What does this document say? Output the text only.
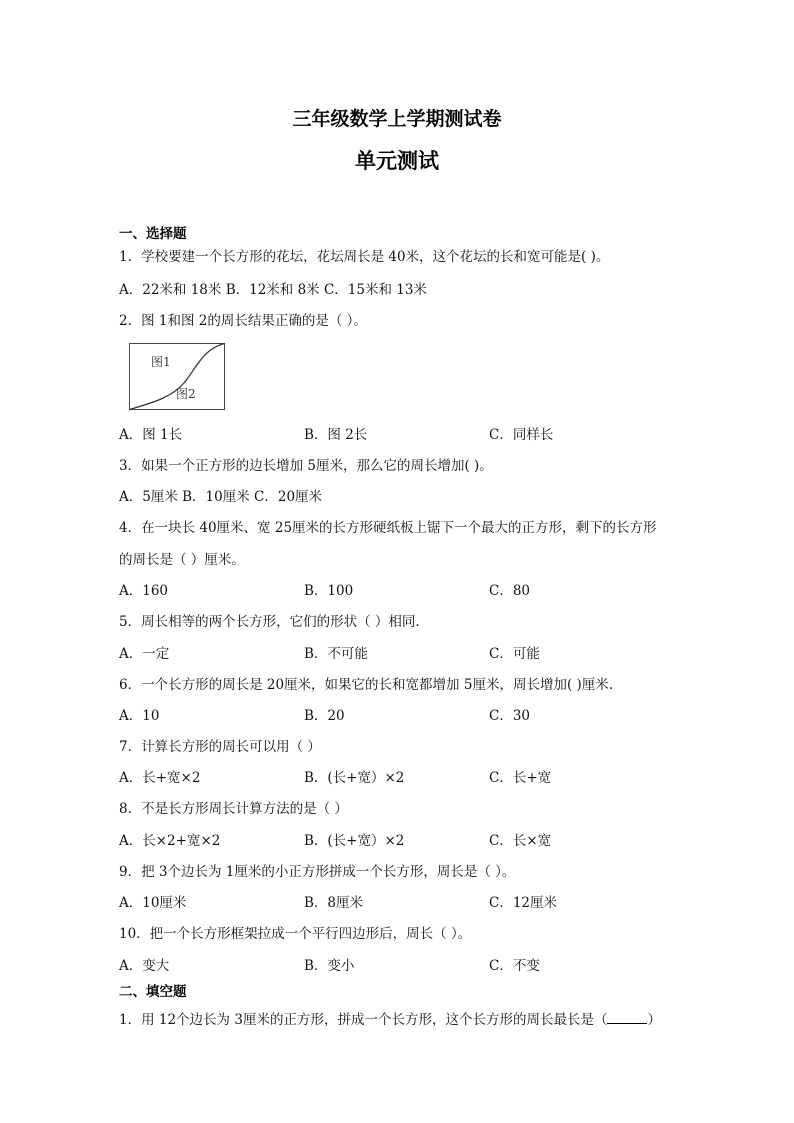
三年级数学上学期测试卷
单元测试
一、选择题
1．学校要建一个长方形的花坛，花坛周长是 40米，这个花坛的长和宽可能是( )。
A．22米和 18米 B．12米和 8米 C．15米和 13米
2．图 1和图 2的周长结果正确的是（ ）。
图1
图2
A．图 1长	B．图 2长	C．同样长
3．如果一个正方形的边长增加 5厘米，那么它的周长增加( )。
A．5厘米 B．10厘米 C．20厘米
4．在一块长 40厘米、宽 25厘米的长方形硬纸板上锯下一个最大的正方形，剩下的长方形
的周长是（ ）厘米。
A．160	B．100	C．80
5．周长相等的两个长方形，它们的形状（ ）相同.
A．一定	B．不可能	C．可能
6．一个长方形的周长是 20厘米，如果它的长和宽都增加 5厘米，周长增加( )厘米.
A．10	B．20	C．30
7．计算长方形的周长可以用（ ）
A．长+宽×2	B．(长+宽）×2	C．长+宽
8．不是长方形周长计算方法的是（ ）
A．长×2+宽×2	B．(长+宽）×2	C．长×宽
9．把 3个边长为 1厘米的小正方形拼成一个长方形，周长是（ ）。
A．10厘米	B．8厘米	C．12厘米
10．把一个长方形框架拉成一个平行四边形后，周长（ ）。
A．变大	B．变小	C．不变
二、填空题
1．用 12个边长为 3厘米的正方形，拼成一个长方形，这个长方形的周长最长是（	）
